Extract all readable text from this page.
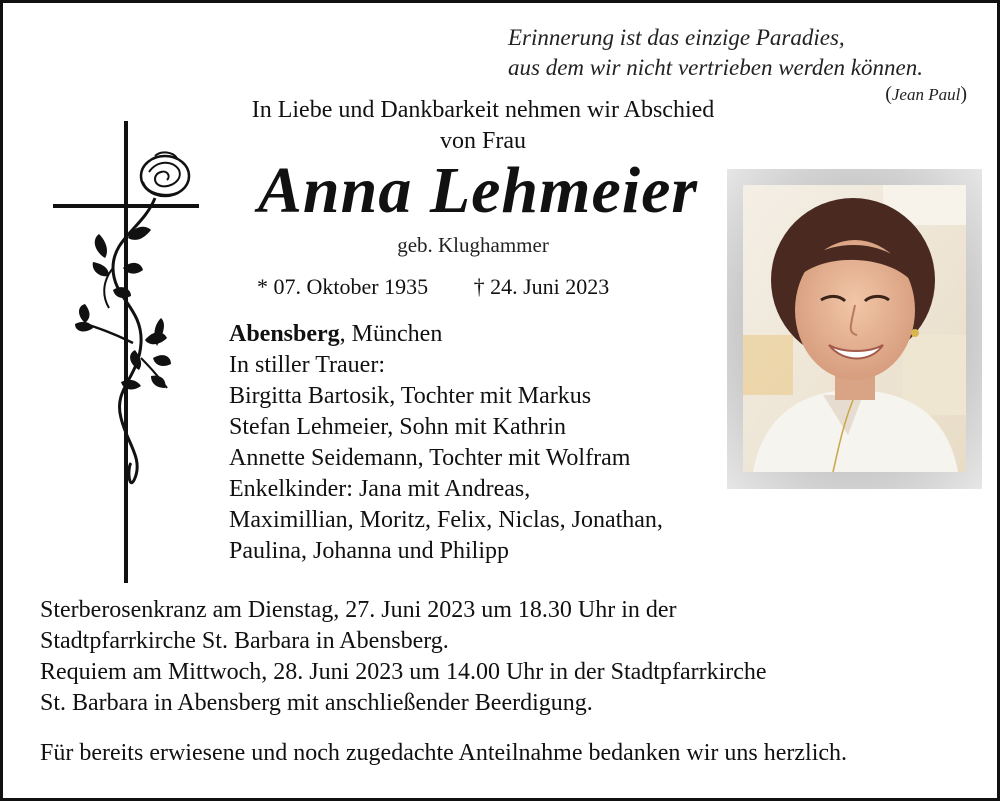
Erinnerung ist das einzige Paradies,
aus dem wir nicht vertrieben werden können.
(Jean Paul)
In Liebe und Dankbarkeit nehmen wir Abschied
von Frau
Anna Lehmeier
geb. Klughammer
* 07. Oktober 1935 † 24. Juni 2023
Abensberg, München
In stiller Trauer:
Birgitta Bartosik, Tochter mit Markus
Stefan Lehmeier, Sohn mit Kathrin
Annette Seidemann, Tochter mit Wolfram
Enkelkinder: Jana mit Andreas,
Maximillian, Moritz, Felix, Niclas, Jonathan,
Paulina, Johanna und Philipp
Sterberosenkranz am Dienstag, 27. Juni 2023 um 18.30 Uhr in der
Stadtpfarrkirche St. Barbara in Abensberg.
Requiem am Mittwoch, 28. Juni 2023 um 14.00 Uhr in der Stadtpfarrkirche
St. Barbara in Abensberg mit anschließender Beerdigung.
Für bereits erwiesene und noch zugedachte Anteilnahme bedanken wir uns herzlich.
